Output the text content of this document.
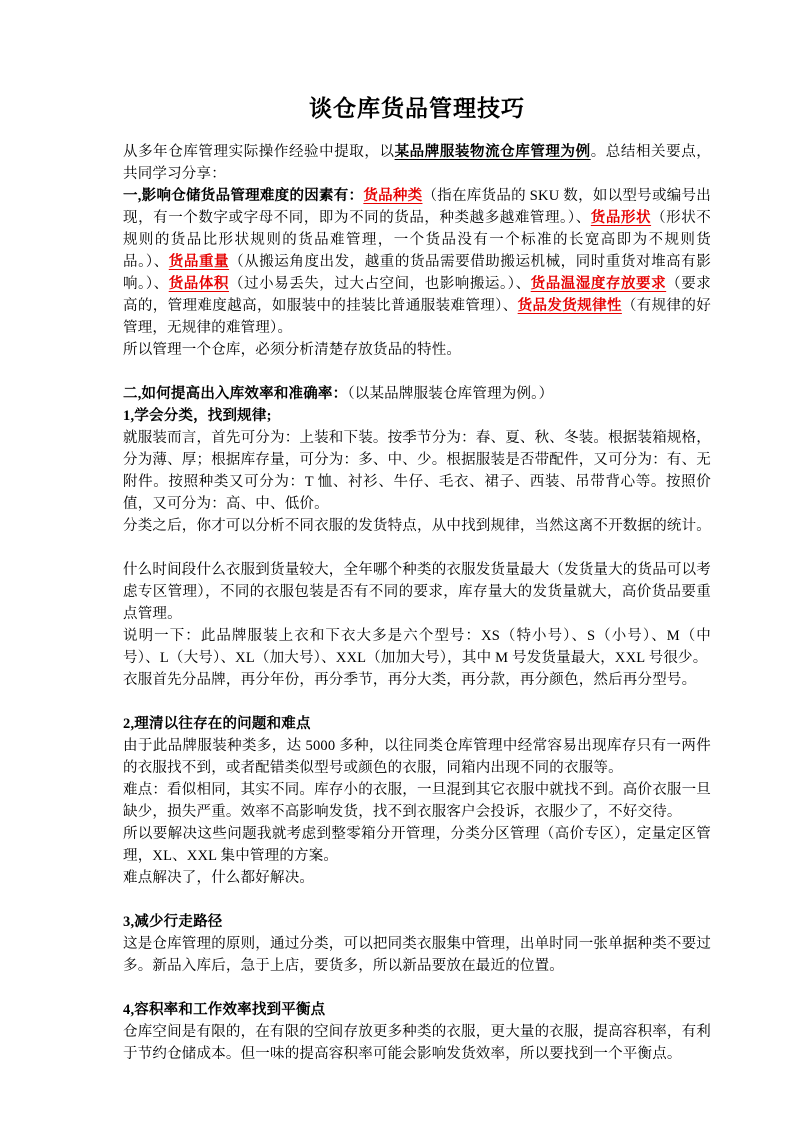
谈仓库货品管理技巧

从多年仓库管理实际操作经验中提取，以某品牌服装物流仓库管理为例。总结相关要点，共同学习分享：

一,影响仓储货品管理难度的因素有：货品种类（指在库货品的 SKU 数，如以型号或编号出现，有一个数字或字母不同，即为不同的货品，种类越多越难管理。）、货品形状（形状不规则的货品比形状规则的货品难管理，一个货品没有一个标准的长宽高即为不规则货品。）、货品重量（从搬运角度出发，越重的货品需要借助搬运机械，同时重货对堆高有影响。）、货品体积（过小易丢失，过大占空间，也影响搬运。）、货品温湿度存放要求（要求高的，管理难度越高，如服装中的挂装比普通服装难管理）、货品发货规律性（有规律的好管理，无规律的难管理）。

所以管理一个仓库，必须分析清楚存放货品的特性。

二,如何提高出入库效率和准确率：（以某品牌服装仓库管理为例。）

1,学会分类，找到规律;

就服装而言，首先可分为：上装和下装。按季节分为：春、夏、秋、冬装。根据装箱规格，分为薄、厚；根据库存量，可分为：多、中、少。根据服装是否带配件，又可分为：有、无附件。按照种类又可分为：T 恤、衬衫、牛仔、毛衣、裙子、西装、吊带背心等。按照价值，又可分为：高、中、低价。

分类之后，你才可以分析不同衣服的发货特点，从中找到规律，当然这离不开数据的统计。

什么时间段什么衣服到货量较大，全年哪个种类的衣服发货量最大（发货量大的货品可以考虑专区管理），不同的衣服包装是否有不同的要求，库存量大的发货量就大，高价货品要重点管理。

说明一下：此品牌服装上衣和下衣大多是六个型号：XS（特小号）、S（小号）、M（中号）、L（大号）、XL（加大号）、XXL（加加大号），其中 M 号发货量最大，XXL 号很少。

衣服首先分品牌，再分年份，再分季节，再分大类，再分款，再分颜色，然后再分型号。

2,理清以往存在的问题和难点

由于此品牌服装种类多，达 5000 多种，以往同类仓库管理中经常容易出现库存只有一两件的衣服找不到，或者配错类似型号或颜色的衣服，同箱内出现不同的衣服等。

难点：看似相同，其实不同。库存小的衣服，一旦混到其它衣服中就找不到。高价衣服一旦缺少，损失严重。效率不高影响发货，找不到衣服客户会投诉，衣服少了，不好交待。

所以要解决这些问题我就考虑到整零箱分开管理，分类分区管理（高价专区），定量定区管理，XL、XXL 集中管理的方案。

难点解决了，什么都好解决。

3,减少行走路径

这是仓库管理的原则，通过分类，可以把同类衣服集中管理，出单时同一张单据种类不要过多。新品入库后，急于上店，要货多，所以新品要放在最近的位置。

4,容积率和工作效率找到平衡点

仓库空间是有限的，在有限的空间存放更多种类的衣服，更大量的衣服，提高容积率，有利于节约仓储成本。但一味的提高容积率可能会影响发货效率，所以要找到一个平衡点。
